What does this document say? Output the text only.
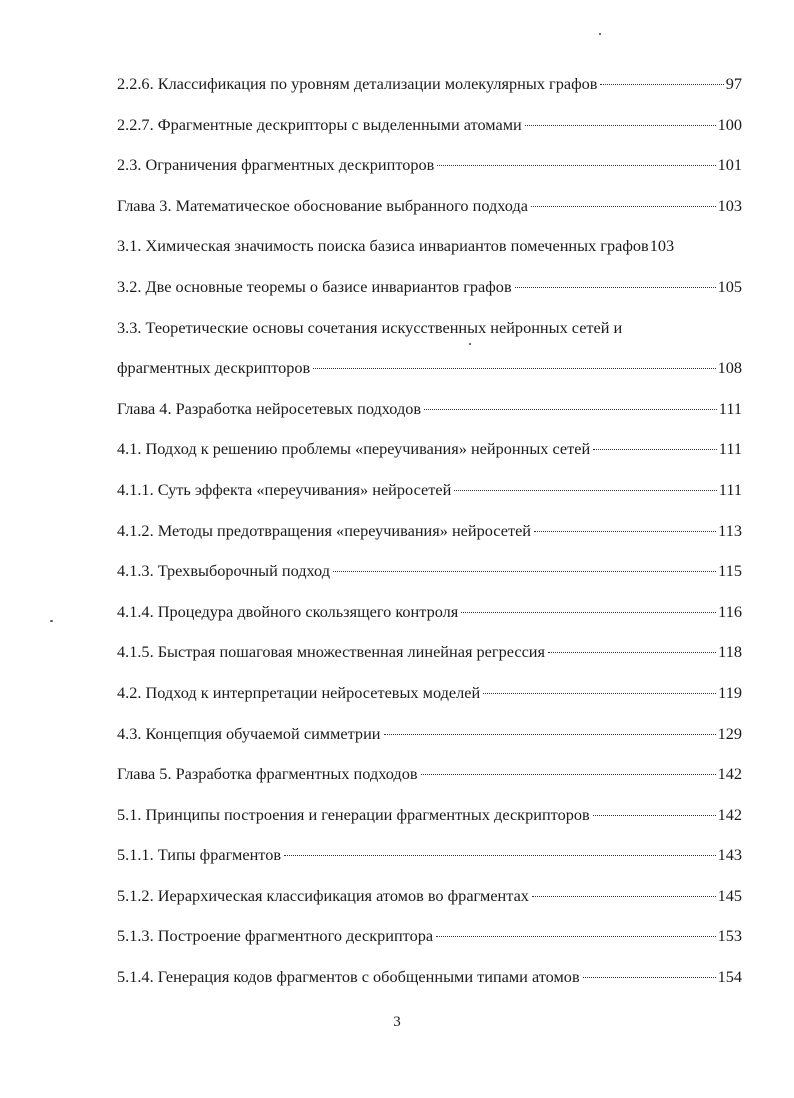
2.2.6. Классификация по уровням детализации молекулярных графов	97
2.2.7. Фрагментные дескрипторы с выделенными атомами	100
2.3. Ограничения фрагментных дескрипторов	101
Глава 3. Математическое обоснование выбранного подхода	103
3.1. Химическая значимость поиска базиса инвариантов помеченных графов 103
3.2. Две основные теоремы о базисе инвариантов графов	105
3.3. Теоретические основы сочетания искусственных нейронных сетей и
фрагментных дескрипторов	108
Глава 4. Разработка нейросетевых подходов	111
4.1. Подход к решению проблемы «переучивания» нейронных сетей	111
4.1.1. Суть эффекта «переучивания» нейросетей	111
4.1.2. Методы предотвращения «переучивания» нейросетей	113
4.1.3. Трехвыборочный подход	115
4.1.4. Процедура двойного скользящего контроля	116
4.1.5. Быстрая пошаговая множественная линейная регрессия	118
4.2. Подход к интерпретации нейросетевых моделей	119
4.3. Концепция обучаемой симметрии	129
Глава 5. Разработка фрагментных подходов	142
5.1. Принципы построения и генерации фрагментных дескрипторов	142
5.1.1. Типы фрагментов	143
5.1.2. Иерархическая классификация атомов во фрагментах	145
5.1.3. Построение фрагментного дескриптора	153
5.1.4. Генерация кодов фрагментов с обобщенными типами атомов	154
3
